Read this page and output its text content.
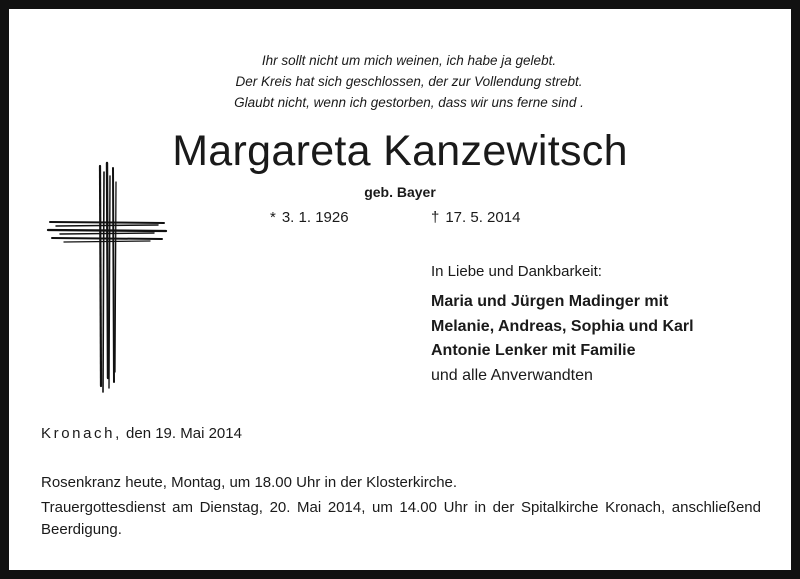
Ihr sollt nicht um mich weinen, ich habe ja gelebt.
Der Kreis hat sich geschlossen, der zur Vollendung strebt.
Glaubt nicht, wenn ich gestorben, dass wir uns ferne sind .
Margareta Kanzewitsch
geb. Bayer
* 3. 1. 1926	† 17. 5. 2014
In Liebe und Dankbarkeit:
Maria und Jürgen Madinger mit
Melanie, Andreas, Sophia und Karl
Antonie Lenker mit Familie
und alle Anverwandten
Kronach, den 19. Mai 2014
Rosenkranz heute, Montag, um 18.00 Uhr in der Klosterkirche.
Trauergottesdienst am Dienstag, 20. Mai 2014, um 14.00 Uhr in der Spitalkirche Kronach, anschließend Beerdigung.
